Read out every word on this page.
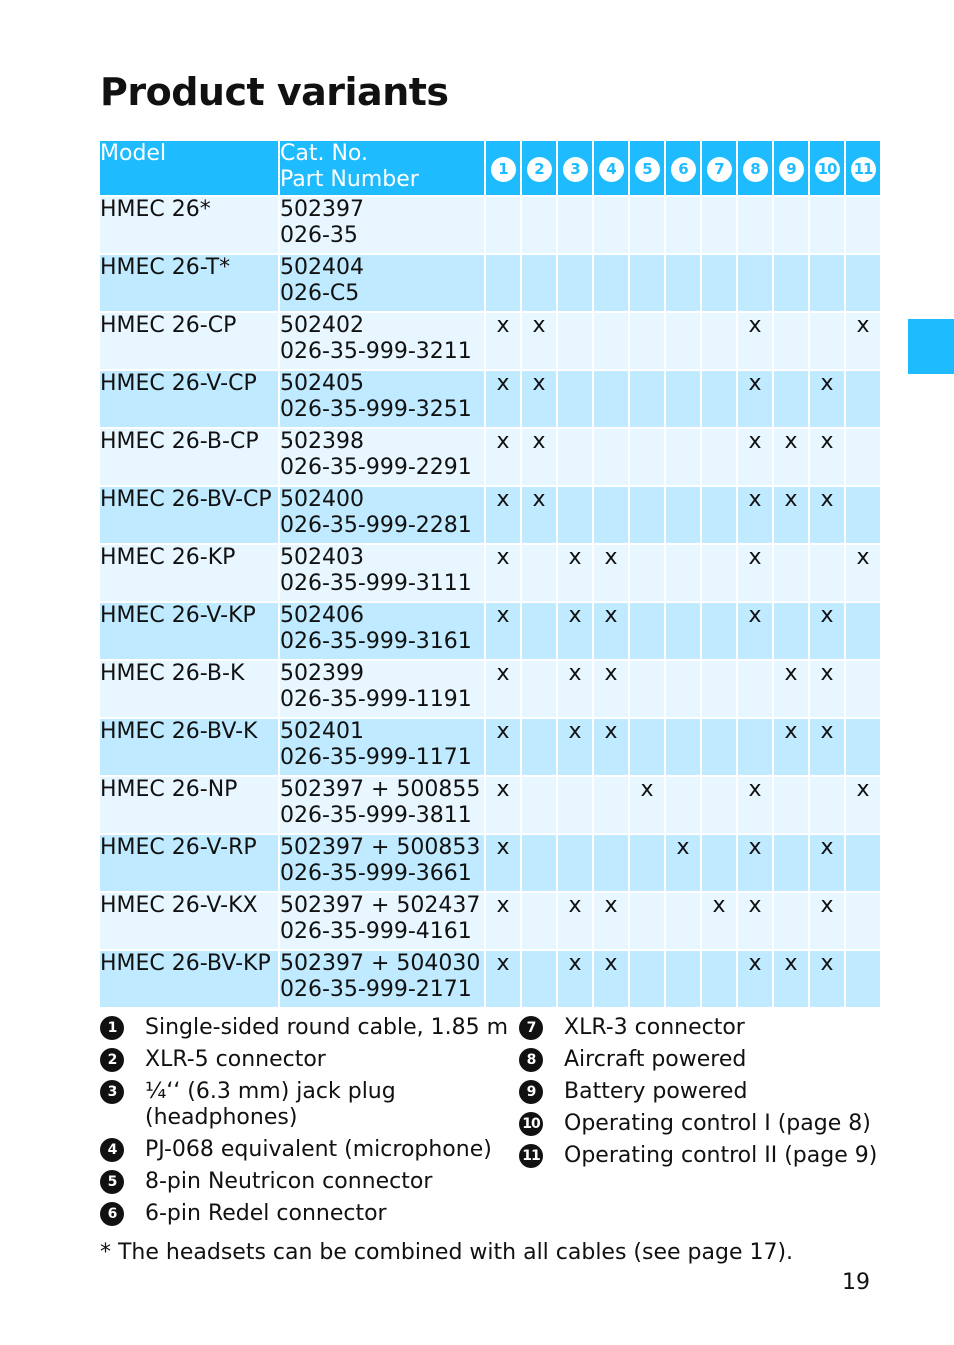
Product variants
Model	Cat. No.
Part Number	1	2	3	4	5	6	7	8	9	10	11
HMEC 26*	502397
026-35											

HMEC 26-T*	502404
026-C5											

HMEC 26-CP	502402
026-35-999-3211	x	x						x			x
HMEC 26-V-CP	502405
026-35-999-3251	x	x						x		x	
HMEC 26-B-CP	502398
026-35-999-2291	x	x						x	x	x	
HMEC 26-BV-CP	502400
026-35-999-2281	x	x						x	x	x	
HMEC 26-KP	502403
026-35-999-3111	x		x	x				x			x
HMEC 26-V-KP	502406
026-35-999-3161	x		x	x				x		x	
HMEC 26-B-K	502399
026-35-999-1191	x		x	x					x	x	
HMEC 26-BV-K	502401
026-35-999-1171	x		x	x					x	x	
HMEC 26-NP	502397 + 500855
026-35-999-3811	x				x			x			x
HMEC 26-V-RP	502397 + 500853
026-35-999-3661	x					x		x		x	
HMEC 26-V-KX	502397 + 502437
026-35-999-4161	x		x	x			x	x		x	
HMEC 26-BV-KP	502397 + 504030
026-35-999-2171	x		x	x				x	x	x	
1	Single-sided round cable, 1.85 m
2	XLR-5 connector
3	¼‘‘ (6.3 mm) jack plug (headphones)
4	PJ-068 equivalent (microphone)
5	8-pin Neutricon connector
6	6-pin Redel connector
7	XLR-3 connector
8	Aircraft powered
9	Battery powered
10 Operating control I (page 8)
11 Operating control II (page 9)
* The headsets can be combined with all cables (see page 17).
19
